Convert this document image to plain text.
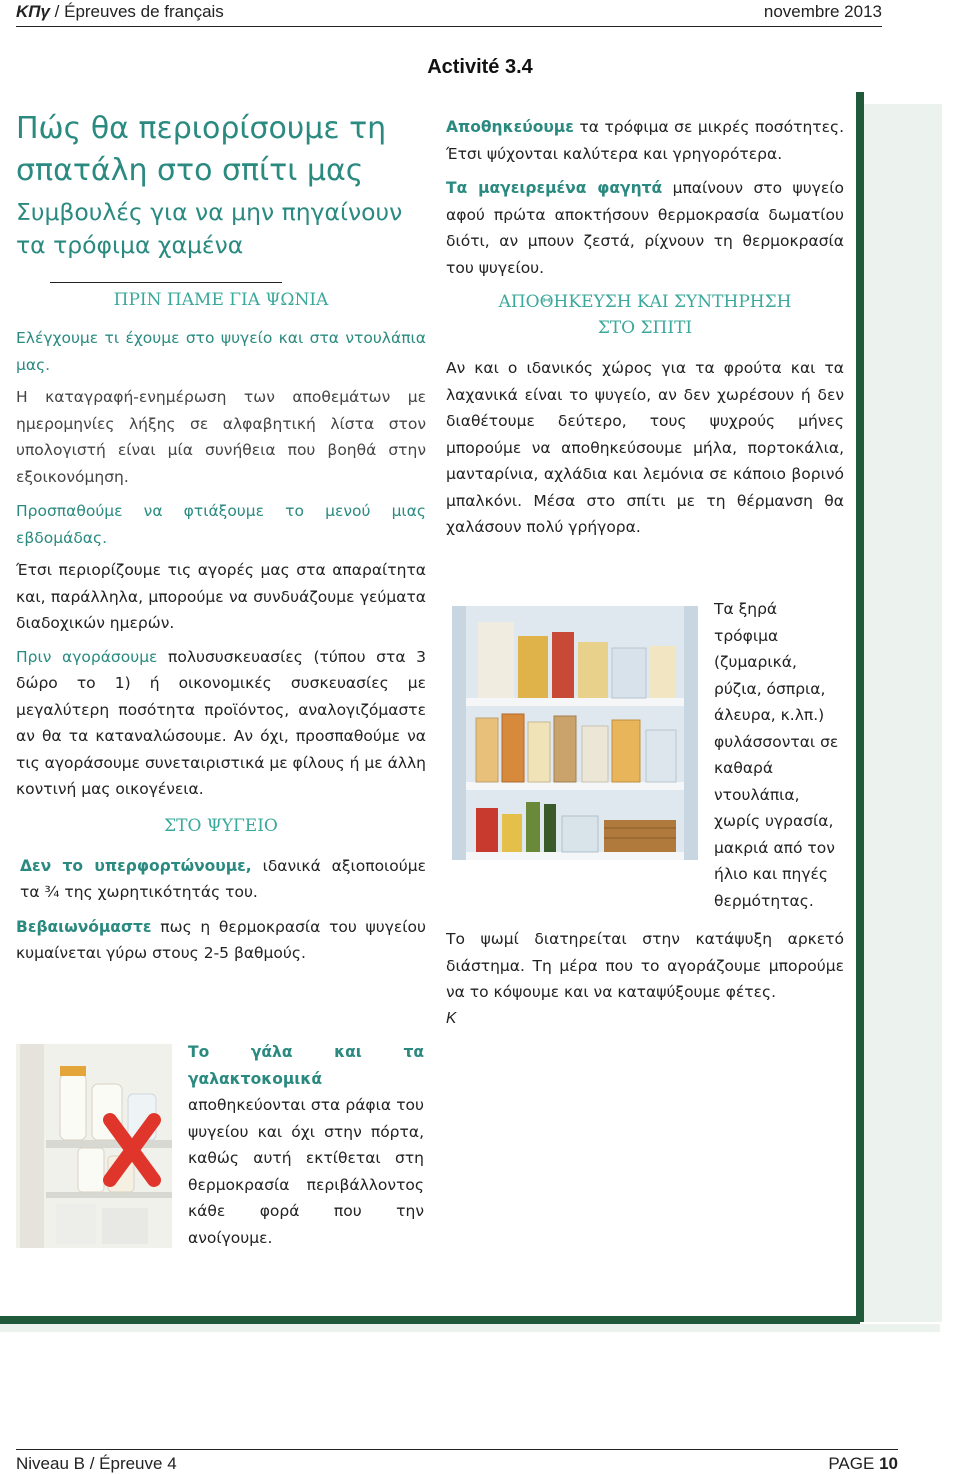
ΚΠγ / Épreuves de français	novembre 2013
Activité 3.4
Πώς θα περιορίσουμε τη σπατάλη στο σπίτι μας
Συμβουλές για να μην πηγαίνουν τα τρόφιμα χαμένα

ΠΡΙΝ ΠΑΜΕ ΓΙΑ ΨΩΝΙΑ

Ελέγχουμε τι έχουμε στο ψυγείο και στα ντουλάπια μας.

Η καταγραφή-ενημέρωση των αποθεμάτων με ημερομηνίες λήξης σε αλφαβητική λίστα στον υπολογιστή είναι μία συνήθεια που βοηθά στην εξοικονόμηση.

Προσπαθούμε να φτιάξουμε το μενού μιας εβδομάδας.

Έτσι περιορίζουμε τις αγορές μας στα απαραίτητα και, παράλληλα, μπορούμε να συνδυάζουμε γεύματα διαδοχικών ημερών.

Πριν αγοράσουμε πολυσυσκευασίες (τύπου στα 3 δώρο το 1) ή οικονομικές συσκευασίες με μεγαλύτερη ποσότητα προϊόντος, αναλογιζόμαστε αν θα τα καταναλώσουμε. Αν όχι, προσπαθούμε να τις αγοράσουμε συνεταιριστικά με φίλους ή με άλλη κοντινή μας οικογένεια.

ΣΤΟ ΨΥΓΕΙΟ

Δεν το υπερφορτώνουμε, ιδανικά αξιοποιούμε τα ¾ της χωρητικότητάς του.

Βεβαιωνόμαστε πως η θερμοκρασία του ψυγείου κυμαίνεται γύρω στους 2-5 βαθμούς.

Το γάλα και τα γαλακτοκομικά αποθηκεύονται στα ράφια του ψυγείου και όχι στην πόρτα, καθώς αυτή εκτίθεται στη θερμοκρασία περιβάλλοντος κάθε φορά που την ανοίγουμε.

Αποθηκεύουμε τα τρόφιμα σε μικρές ποσότητες. Έτσι ψύχονται καλύτερα και γρηγορότερα.

Τα μαγειρεμένα φαγητά μπαίνουν στο ψυγείο αφού πρώτα αποκτήσουν θερμοκρασία δωματίου διότι, αν μπουν ζεστά, ρίχνουν τη θερμοκρασία του ψυγείου.

ΑΠΟΘΗΚΕΥΣΗ ΚΑΙ ΣΥΝΤΗΡΗΣΗ

ΣΤΟ ΣΠΙΤΙ

Αν και ο ιδανικός χώρος για τα φρούτα και τα λαχανικά είναι το ψυγείο, αν δεν χωρέσουν ή δεν διαθέτουμε δεύτερο, τους ψυχρούς μήνες μπορούμε να αποθηκεύσουμε μήλα, πορτοκάλια, μανταρίνια, αχλάδια και λεμόνια σε κάποιο βορινό μπαλκόνι. Μέσα στο σπίτι με τη θέρμανση θα χαλάσουν πολύ γρήγορα.

Τα ξηρά τρόφιμα (ζυμαρικά, ρύζια, όσπρια, άλευρα, κ.λπ.) φυλάσσονται σε καθαρά ντουλάπια, χωρίς υγρασία, μακριά από τον ήλιο και πηγές θερμότητας.

Το ψωμί διατηρείται στην κατάψυξη αρκετό διάστημα. Τη μέρα που το αγοράζουμε μπορούμε να το κόψουμε και να καταψύξουμε φέτες.

Κ

Niveau B / Épreuve 4	PAGE 10
